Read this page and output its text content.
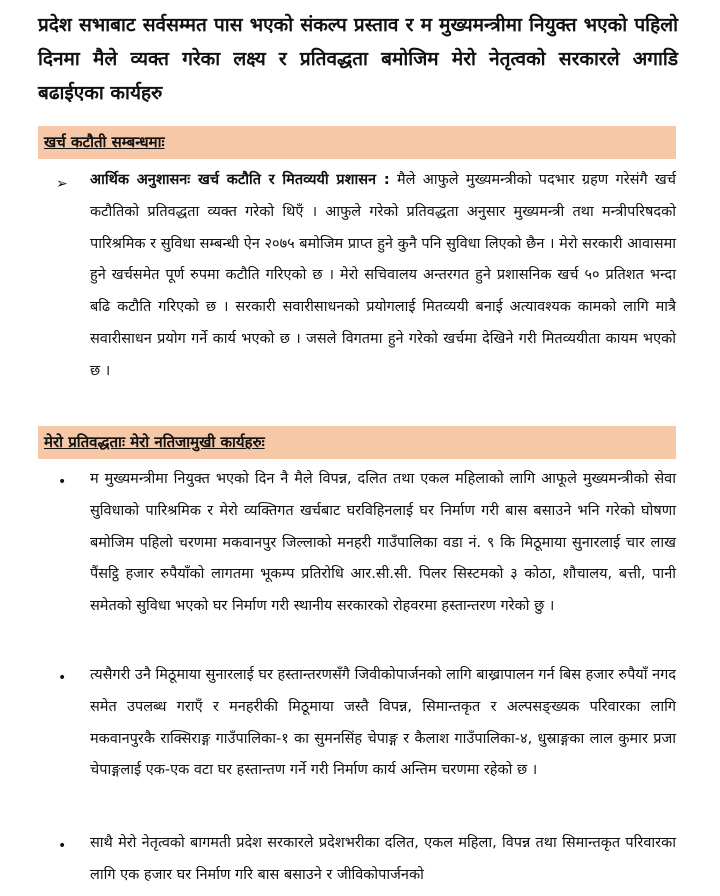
प्रदेश सभाबाट सर्वसम्मत पास भएको संकल्प प्रस्ताव र म मुख्यमन्त्रीमा नियुक्त भएको पहिलो दिनमा मैले व्यक्त गरेका लक्ष्य र प्रतिवद्धता बमोजिम मेरो नेतृत्वको सरकारले अगाडि बढाईएका कार्यहरु
खर्च कटौती सम्बन्धमाः
➢ आर्थिक अनुशासनः खर्च कटौति र मितव्ययी प्रशासन : मैले आफुले मुख्यमन्त्रीको पदभार ग्रहण गरेसंगै खर्च कटौतिको प्रतिवद्धता व्यक्त गरेको थिएँ । आफुले गरेको प्रतिवद्धता अनुसार मुख्यमन्त्री तथा मन्त्रीपरिषदको पारिश्रमिक र सुविधा सम्बन्धी ऐन २०७५ बमोजिम प्राप्त हुने कुनै पनि सुविधा लिएको छैन । मेरो सरकारी आवासमा हुने खर्चसमेत पूर्ण रुपमा कटौति गरिएको छ । मेरो सचिवालय अन्तरगत हुने प्रशासनिक खर्च ५० प्रतिशत भन्दा बढि कटौति गरिएको छ । सरकारी सवारीसाधनको प्रयोगलाई मितव्ययी बनाई अत्यावश्यक कामको लागि मात्रै सवारीसाधन प्रयोग गर्ने कार्य भएको छ । जसले विगतमा हुने गरेको खर्चमा देखिने गरी मितव्ययीता कायम भएको छ ।

मेरो प्रतिवद्धताः मेरो नतिजामुखी कार्यहरुः
• म मुख्यमन्त्रीमा नियुक्त भएको दिन नै मैले विपन्न, दलित तथा एकल महिलाको लागि आफूले मुख्यमन्त्रीको सेवा सुविधाको पारिश्रमिक र मेरो व्यक्तिगत खर्चबाट घरविहिनलाई घर निर्माण गरी बास बसाउने भनि गरेको घोषणा बमोजिम पहिलो चरणमा मकवानपुर जिल्लाको मनहरी गाउँपालिका वडा नं. ९ कि मिठूमाया सुनारलाई चार लाख पैंसट्ठि हजार रुपैयाँको लागतमा भूकम्प प्रतिरोधि आर.सी.सी. पिलर सिस्टमको ३ कोठा, शौचालय, बत्ती, पानी समेतको सुविधा भएको घर निर्माण गरी स्थानीय सरकारको रोहवरमा हस्तान्तरण गरेको छु ।

• त्यसैगरी उनै मिठूमाया सुनारलाई घर हस्तान्तरणसँगै जिवीकोपार्जनको लागि बाख्रापालन गर्न बिस हजार रुपैयाँ नगद समेत उपलब्ध गराएँ र मनहरीकी मिठूमाया जस्तै विपन्न, सिमान्तकृत र अल्पसङ्ख्यक परिवारका लागि मकवानपुरकै राक्सिराङ्ग गाउँपालिका-१ का सुमनसिंह चेपाङ्ग र कैलाश गाउँपालिका-४, धुस्राङ्गका लाल कुमार प्रजा चेपाङ्गलाई एक-एक वटा घर हस्तान्तण गर्ने गरी निर्माण कार्य अन्तिम चरणमा रहेको छ ।

• साथै मेरो नेतृत्वको बागमती प्रदेश सरकारले प्रदेशभरीका दलित, एकल महिला, विपन्न तथा सिमान्तकृत परिवारका लागि एक हजार घर निर्माण गरि बास बसाउने र जीविकोपार्जनको
